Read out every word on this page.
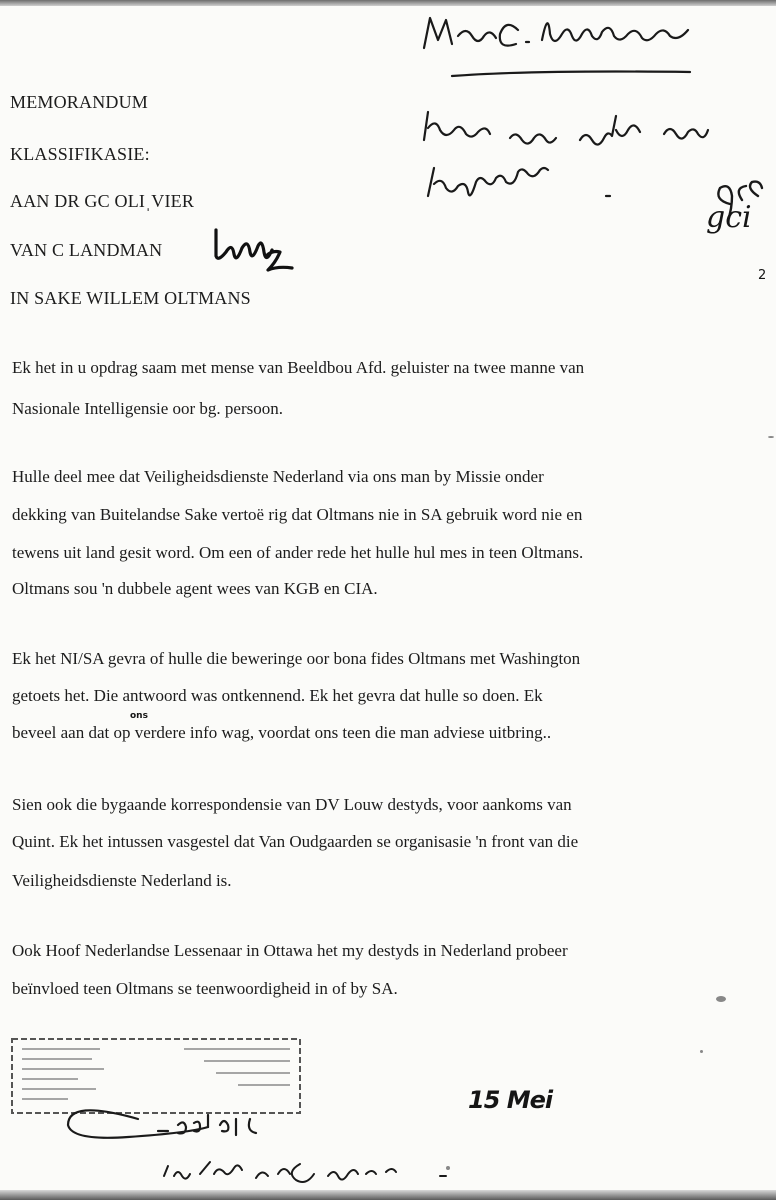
MEMORANDUM
KLASSIFIKASIE:
AAN DR GC OLIˌVIER
VAN C LANDMAN
IN SAKE WILLEM OLTMANS
2
Ek het in u opdrag saam met mense van Beeldbou Afd. geluister na twee manne van
Nasionale Intelligensie oor bg. persoon.
Hulle deel mee dat Veiligheidsdienste Nederland via ons man by Missie onder
dekking van Buitelandse Sake vertoë rig dat Oltmans nie in SA gebruik word nie en
tewens uit land gesit word. Om een of ander rede het hulle hul mes in teen Oltmans.
Oltmans sou 'n dubbele agent wees van KGB en CIA.
Ek het NI/SA gevra of hulle die beweringe oor bona fides Oltmans met Washington
getoets het. Die antwoord was ontkennend. Ek het gevra dat hulle so doen. Ek
beveel aan dat op verdere info wag, voordat ons teen die man adviese uitbring..
ons
Sien ook die bygaande korrespondensie van DV Louw destyds, voor aankoms van
Quint. Ek het intussen vasgestel dat Van Oudgaarden se organisasie 'n front van die
Veiligheidsdienste Nederland is.
Ook Hoof Nederlandse Lessenaar in Ottawa het my destyds in Nederland probeer
beïnvloed teen Oltmans se teenwoordigheid in of by SA.
15 Mei
gci
